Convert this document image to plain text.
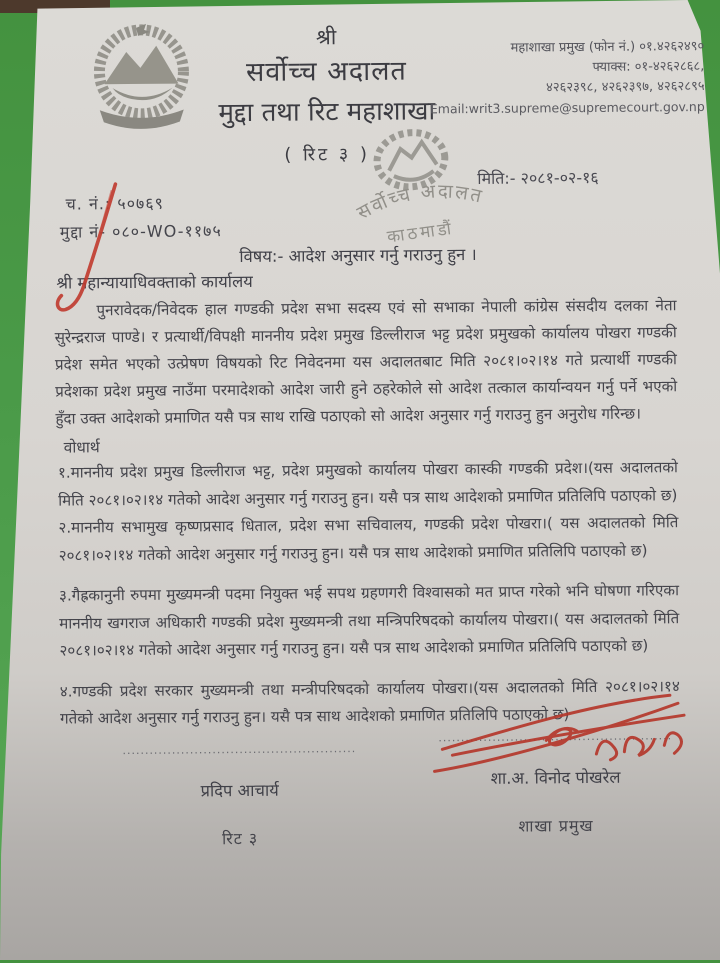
श्री
सर्वोच्च अदालत
मुद्दा तथा रिट महाशाखा
( रिट ३ )
महाशाखा प्रमुख (फोन नं.) ०१.४२६२४९०
फ्याक्स: ०१-४२६२८६८,
४२६२३९८, ४२६२३९७, ४२६२८९५
Email:writ3.supreme@supremecourt.gov.np
सर्वोच्च अदालत
काठमाडौं
मिति:- २०८१-०२-१६
च. नं.: ५०७६९
मुद्दा नं- ०८०-WO-११७५
विषय:- आदेश अनुसार गर्नु गराउनु हुन ।
श्री महान्यायाधिवक्ताको कार्यालय

पुनरावेदक/निवेदक हाल गण्डकी प्रदेश सभा सदस्य एवं सो सभाका नेपाली कांग्रेस संसदीय दलका नेता सुरेन्द्रराज पाण्डे। र प्रत्यार्थी/विपक्षी माननीय प्रदेश प्रमुख डिल्लीराज भट्ट प्रदेश प्रमुखको कार्यालय पोखरा गण्डकी प्रदेश समेत भएको उत्प्रेषण विषयको रिट निवेदनमा यस अदालतबाट मिति २०८१।०२।१४ गते प्रत्यार्थी गण्डकी प्रदेशका प्रदेश प्रमुख नाउँमा परमादेशको आदेश जारी हुने ठहरेकोले सो आदेश तत्काल कार्यान्वयन गर्नु पर्ने भएको हुँदा उक्त आदेशको प्रमाणित यसै पत्र साथ राखि पठाएको सो आदेश अनुसार गर्नु गराउनु हुन अनुरोध गरिन्छ।

वोधार्थ

१.माननीय प्रदेश प्रमुख डिल्लीराज भट्ट, प्रदेश प्रमुखको कार्यालय पोखरा कास्की गण्डकी प्रदेश।(यस अदालतको मिति २०८१।०२।१४ गतेको आदेश अनुसार गर्नु गराउनु हुन। यसै पत्र साथ आदेशको प्रमाणित प्रतिलिपि पठाएको छ)

२.माननीय सभामुख कृष्णप्रसाद धिताल, प्रदेश सभा सचिवालय, गण्डकी प्रदेश पोखरा।( यस अदालतको मिति २०८१।०२।१४ गतेको आदेश अनुसार गर्नु गराउनु हुन। यसै पत्र साथ आदेशको प्रमाणित प्रतिलिपि पठाएको छ)

३.गैह्रकानुनी रुपमा मुख्यमन्त्री पदमा नियुक्त भई सपथ ग्रहणगरी विश्वासको मत प्राप्त गरेको भनि घोषणा गरिएका माननीय खगराज अधिकारी गण्डकी प्रदेश मुख्यमन्त्री तथा मन्त्रिपरिषदको कार्यालय पोखरा।( यस अदालतको मिति २०८१।०२।१४ गतेको आदेश अनुसार गर्नु गराउनु हुन। यसै पत्र साथ आदेशको प्रमाणित प्रतिलिपि पठाएको छ)

४.गण्डकी प्रदेश सरकार मुख्यमन्त्री तथा मन्त्रीपरिषदको कार्यालय पोखरा।(यस अदालतको मिति २०८१।०२।१४ गतेको आदेश अनुसार गर्नु गराउनु हुन। यसै पत्र साथ आदेशको प्रमाणित प्रतिलिपि पठाएको छ)

....................................................
प्रदिप आचार्य
रिट ३
....................................................
शा.अ. विनोद पोखरेल
शाखा प्रमुख
